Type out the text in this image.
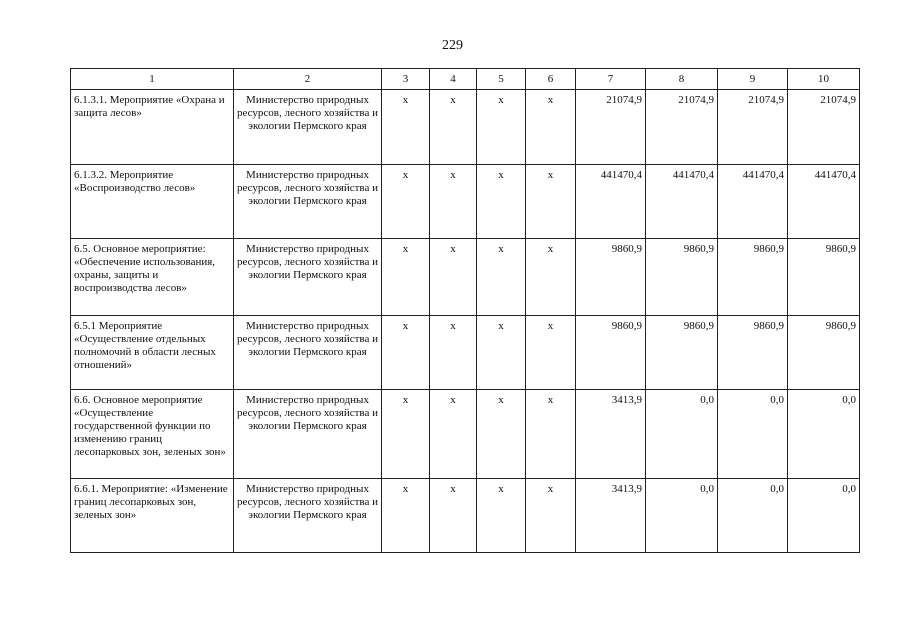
229
1	2	3	4	5	6	7	8	9	10
6.1.3.1. Мероприятие «Охрана и защита лесов»	Министерство природных ресурсов, лесного хозяйства и экологии Пермского края	x	x	x	x	21074,9	21074,9	21074,9	21074,9
6.1.3.2. Мероприятие «Воспроизводство лесов»	Министерство природных ресурсов, лесного хозяйства и экологии Пермского края	x	x	x	x	441470,4	441470,4	441470,4	441470,4
6.5. Основное мероприятие: «Обеспечение использования, охраны, защиты и воспроизводства лесов»	Министерство природных ресурсов, лесного хозяйства и экологии Пермского края	x	x	x	x	9860,9	9860,9	9860,9	9860,9
6.5.1 Мероприятие «Осуществление отдельных полномочий в области лесных отношений»	Министерство природных ресурсов, лесного хозяйства и экологии Пермского края	x	x	x	x	9860,9	9860,9	9860,9	9860,9
6.6. Основное мероприятие «Осуществление государственной функции по изменению границ лесопарковых зон, зеленых зон»	Министерство природных ресурсов, лесного хозяйства и экологии Пермского края	x	x	x	x	3413,9	0,0	0,0	0,0
6.6.1. Мероприятие: «Изменение границ лесопарковых зон, зеленых зон»	Министерство природных ресурсов, лесного хозяйства и экологии Пермского края	x	x	x	x	3413,9	0,0	0,0	0,0
